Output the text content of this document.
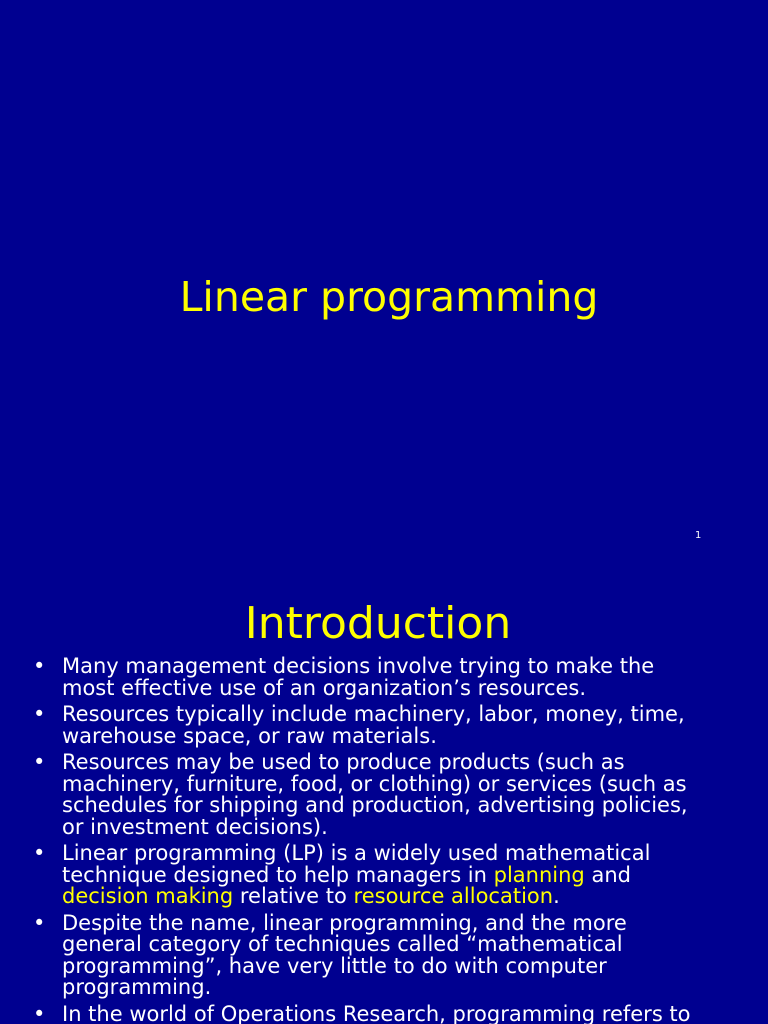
Linear programming
1
Introduction
• Many management decisions involve trying to make the
most effective use of an organization’s resources.
• Resources typically include machinery, labor, money, time,
warehouse space, or raw materials.
• Resources may be used to produce products (such as
machinery, furniture, food, or clothing) or services (such as
schedules for shipping and production, advertising policies,
or investment decisions).
• Linear programming (LP) is a widely used mathematical
technique designed to help managers in planning and
decision making relative to resource allocation.
• Despite the name, linear programming, and the more
general category of techniques called “mathematical
programming”, have very little to do with computer
programming.
• In the world of Operations Research, programming refers to
